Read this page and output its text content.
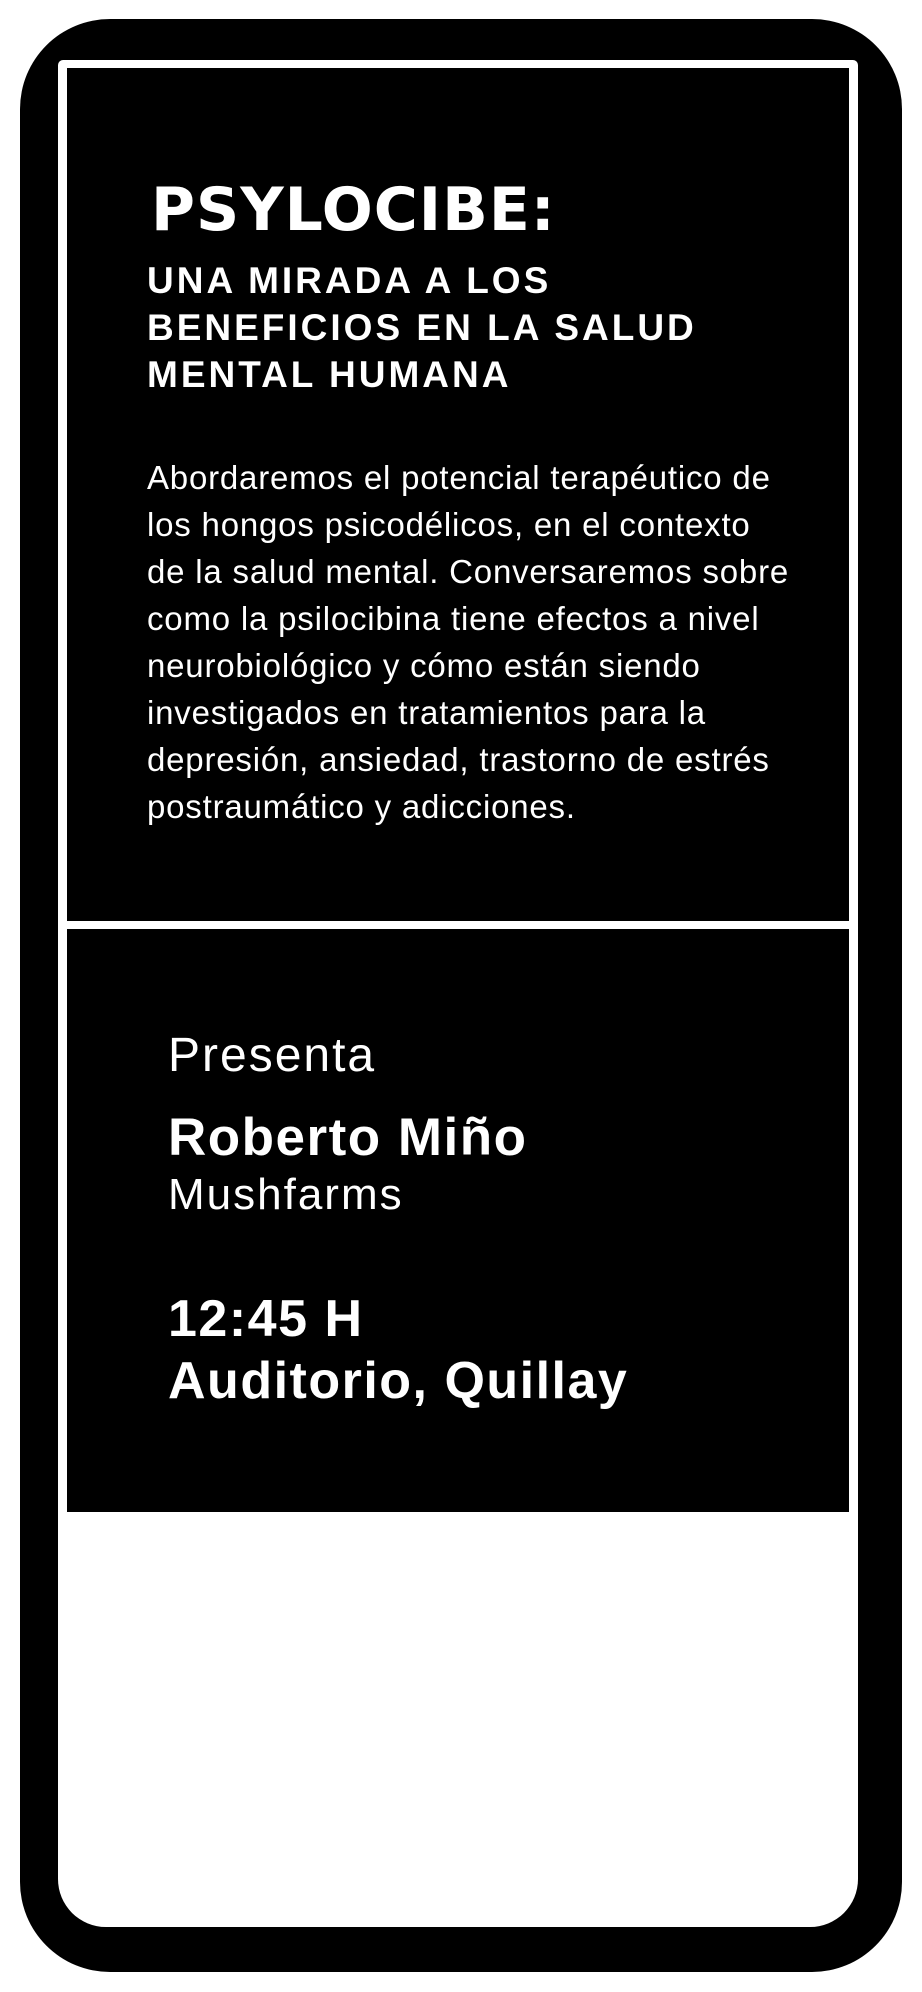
PSYLOCIBE:
UNA MIRADA A LOS
BENEFICIOS EN LA SALUD
MENTAL HUMANA
Abordaremos el potencial terapéutico de
los hongos psicodélicos, en el contexto
de la salud mental. Conversaremos sobre
como la psilocibina tiene efectos a nivel
neurobiológico y cómo están siendo
investigados en tratamientos para la
depresión, ansiedad, trastorno de estrés
postraumático y adicciones.
Presenta
Roberto Miño
Mushfarms
12:45 H
Auditorio, Quillay
